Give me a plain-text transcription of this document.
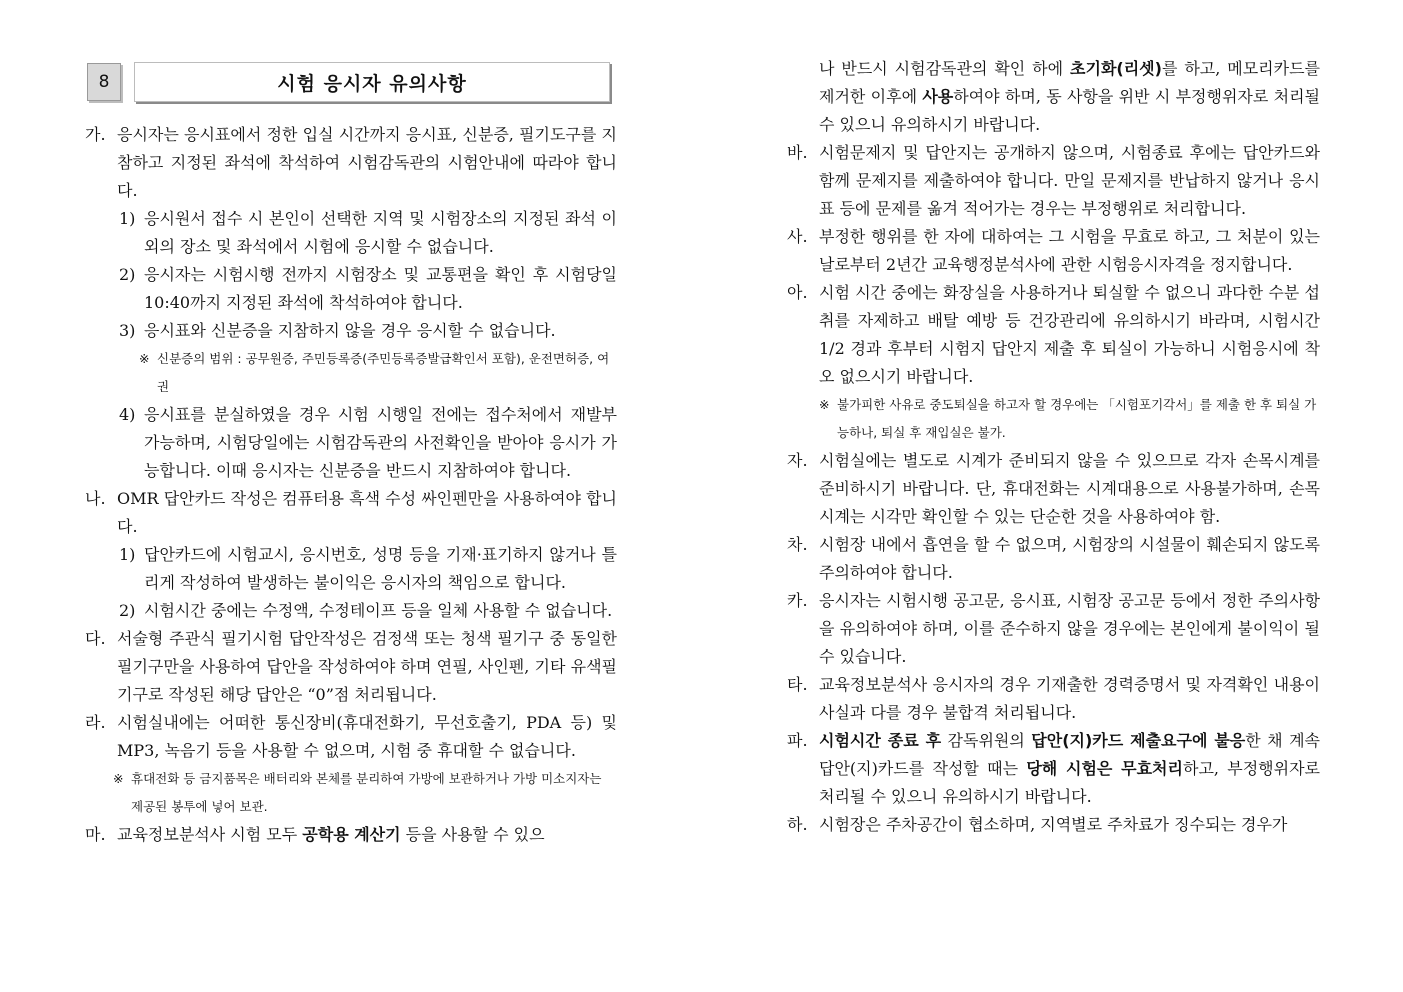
8	시험 응시자 유의사항
가. 응시자는 응시표에서 정한 입실 시간까지 응시표, 신분증, 필기도구를 지참하고 지정된 좌석에 착석하여 시험감독관의 시험안내에 따라야 합니다.
1) 응시원서 접수 시 본인이 선택한 지역 및 시험장소의 지정된 좌석 이외의 장소 및 좌석에서 시험에 응시할 수 없습니다.
2) 응시자는 시험시행 전까지 시험장소 및 교통편을 확인 후 시험당일 10:40까지 지정된 좌석에 착석하여야 합니다.
3) 응시표와 신분증을 지참하지 않을 경우 응시할 수 없습니다.
※ 신분증의 범위 : 공무원증, 주민등록증(주민등록증발급확인서 포함), 운전면허증, 여권
4) 응시표를 분실하였을 경우 시험 시행일 전에는 접수처에서 재발부 가능하며, 시험당일에는 시험감독관의 사전확인을 받아야 응시가 가능합니다. 이때 응시자는 신분증을 반드시 지참하여야 합니다.
나. OMR 답안카드 작성은 컴퓨터용 흑색 수성 싸인펜만을 사용하여야 합니다.
1) 답안카드에 시험교시, 응시번호, 성명 등을 기재·표기하지 않거나 틀리게 작성하여 발생하는 불이익은 응시자의 책임으로 합니다.
2) 시험시간 중에는 수정액, 수정테이프 등을 일체 사용할 수 없습니다.
다. 서술형 주관식 필기시험 답안작성은 검정색 또는 청색 필기구 중 동일한 필기구만을 사용하여 답안을 작성하여야 하며 연필, 사인펜, 기타 유색필기구로 작성된 해당 답안은 “0”점 처리됩니다.
라. 시험실내에는 어떠한 통신장비(휴대전화기, 무선호출기, PDA 등) 및 MP3, 녹음기 등을 사용할 수 없으며, 시험 중 휴대할 수 없습니다.
※ 휴대전화 등 금지품목은 배터리와 본체를 분리하여 가방에 보관하거나 가방 미소지자는 제공된 봉투에 넣어 보관.
마. 교육정보분석사 시험 모두 공학용 계산기 등을 사용할 수 있으
나 반드시 시험감독관의 확인 하에 초기화(리셋)를 하고, 메모리카드를 제거한 이후에 사용하여야 하며, 동 사항을 위반 시 부정행위자로 처리될 수 있으니 유의하시기 바랍니다.
바. 시험문제지 및 답안지는 공개하지 않으며, 시험종료 후에는 답안카드와 함께 문제지를 제출하여야 합니다. 만일 문제지를 반납하지 않거나 응시표 등에 문제를 옮겨 적어가는 경우는 부정행위로 처리합니다.
사. 부정한 행위를 한 자에 대하여는 그 시험을 무효로 하고, 그 처분이 있는 날로부터 2년간 교육행정분석사에 관한 시험응시자격을 정지합니다.
아. 시험 시간 중에는 화장실을 사용하거나 퇴실할 수 없으니 과다한 수분 섭취를 자제하고 배탈 예방 등 건강관리에 유의하시기 바라며, 시험시간 1/2 경과 후부터 시험지 답안지 제출 후 퇴실이 가능하니 시험응시에 착오 없으시기 바랍니다.
※ 불가피한 사유로 중도퇴실을 하고자 할 경우에는 「시험포기각서」를 제출 한 후 퇴실 가능하나, 퇴실 후 재입실은 불가.
자. 시험실에는 별도로 시계가 준비되지 않을 수 있으므로 각자 손목시계를 준비하시기 바랍니다. 단, 휴대전화는 시계대용으로 사용불가하며, 손목시계는 시각만 확인할 수 있는 단순한 것을 사용하여야 함.
차. 시험장 내에서 흡연을 할 수 없으며, 시험장의 시설물이 훼손되지 않도록 주의하여야 합니다.
카. 응시자는 시험시행 공고문, 응시표, 시험장 공고문 등에서 정한 주의사항을 유의하여야 하며, 이를 준수하지 않을 경우에는 본인에게 불이익이 될 수 있습니다.
타. 교육정보분석사 응시자의 경우 기재출한 경력증명서 및 자격확인 내용이 사실과 다를 경우 불합격 처리됩니다.
파. 시험시간 종료 후 감독위원의 답안(지)카드 제출요구에 불응한 채 계속 답안(지)카드를 작성할 때는 당해 시험은 무효처리하고, 부정행위자로 처리될 수 있으니 유의하시기 바랍니다.
하. 시험장은 주차공간이 협소하며, 지역별로 주차료가 징수되는 경우가
